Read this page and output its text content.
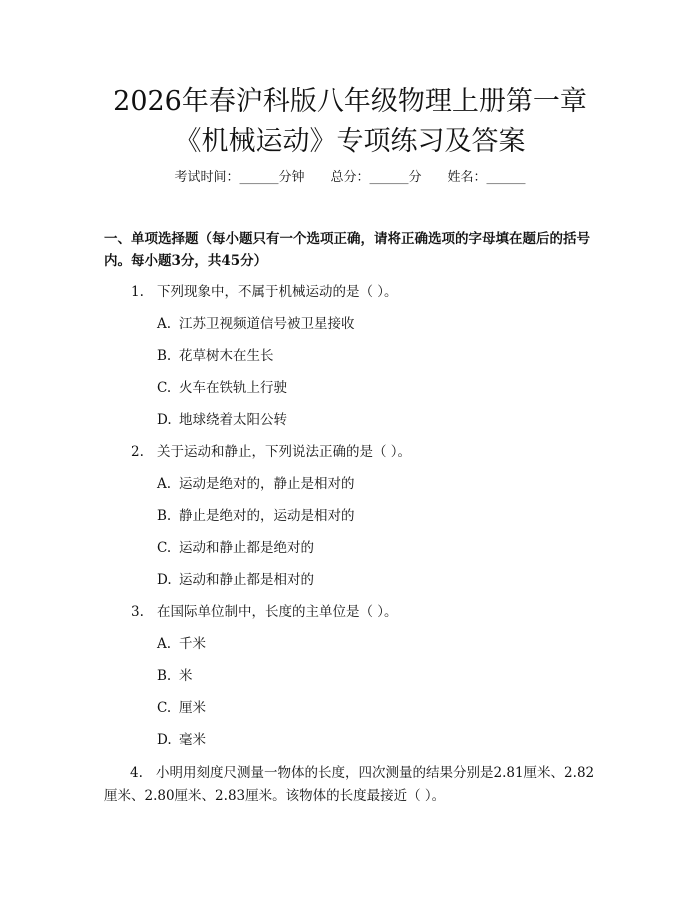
2026年春沪科版八年级物理上册第一章《机械运动》专项练习及答案
考试时间：______分钟 总分：______分 姓名：______

一、单项选择题（每小题只有一个选项正确，请将正确选项的字母填在题后的括号内。每小题3分，共45分）

1. 下列现象中，不属于机械运动的是（ ）。
A. 江苏卫视频道信号被卫星接收
B. 花草树木在生长
C. 火车在铁轨上行驶
D. 地球绕着太阳公转
2. 关于运动和静止，下列说法正确的是（ ）。
A. 运动是绝对的，静止是相对的
B. 静止是绝对的，运动是相对的
C. 运动和静止都是绝对的
D. 运动和静止都是相对的
3. 在国际单位制中，长度的主单位是（ ）。
A. 千米
B. 米
C. 厘米
D. 毫米
4. 小明用刻度尺测量一物体的长度，四次测量的结果分别是2.81厘米、2.82厘米、2.80厘米、2.83厘米。该物体的长度最接近（ ）。
